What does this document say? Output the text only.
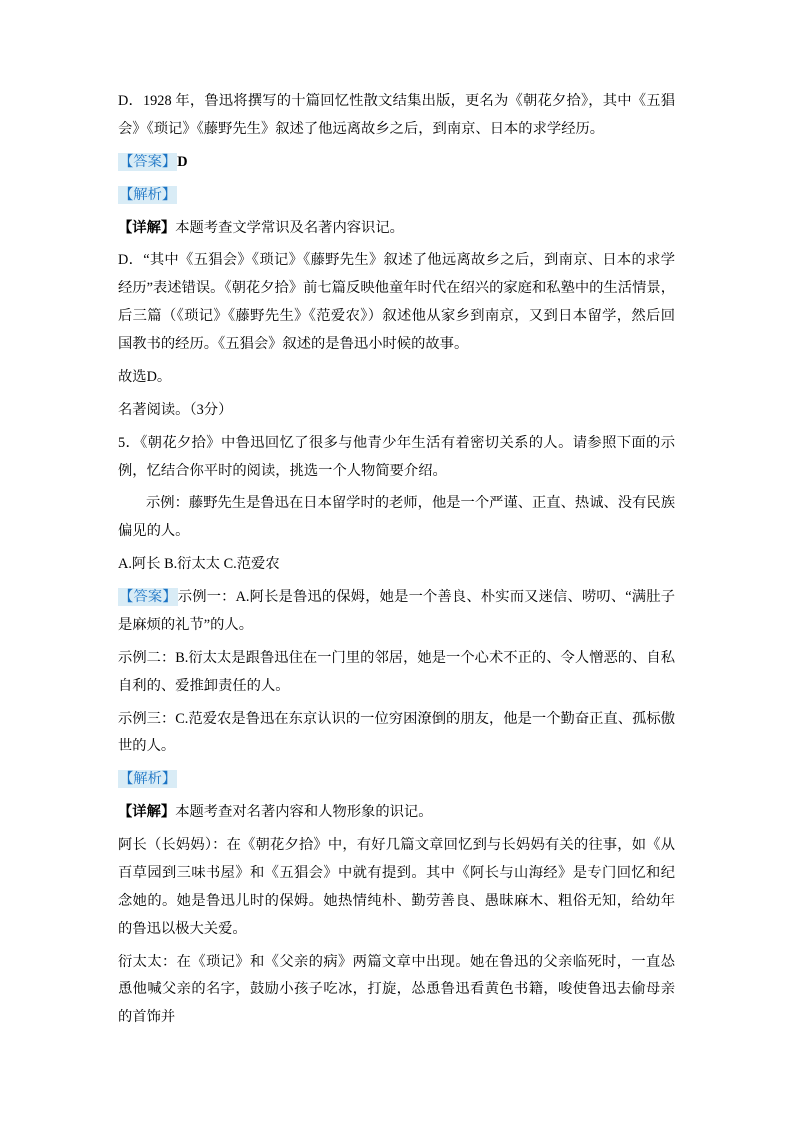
D．1928 年，鲁迅将撰写的十篇回忆性散文结集出版，更名为《朝花夕拾》，其中《五猖会》《琐记》《藤野先生》叙述了他远离故乡之后，到南京、日本的求学经历。

【答案】D

【解析】

【详解】本题考查文学常识及名著内容识记。

D．“其中《五猖会》《琐记》《藤野先生》叙述了他远离故乡之后，到南京、日本的求学经历”表述错误。《朝花夕拾》前七篇反映他童年时代在绍兴的家庭和私塾中的生活情景，后三篇（《琐记》《藤野先生》《范爱农》）叙述他从家乡到南京，又到日本留学，然后回国教书的经历。《五猖会》叙述的是鲁迅小时候的故事。

故选D。

名著阅读。（3分）

5．《朝花夕拾》中鲁迅回忆了很多与他青少年生活有着密切关系的人。请参照下面的示例，忆结合你平时的阅读，挑选一个人物简要介绍。

示例：藤野先生是鲁迅在日本留学时的老师，他是一个严谨、正直、热诚、没有民族偏见的人。

A.阿长 B.衍太太 C.范爱农

【答案】示例一：A.阿长是鲁迅的保姆，她是一个善良、朴实而又迷信、唠叨、“满肚子是麻烦的礼节”的人。

示例二：B.衍太太是跟鲁迅住在一门里的邻居，她是一个心术不正的、令人憎恶的、自私自利的、爱推卸责任的人。

示例三：C.范爱农是鲁迅在东京认识的一位穷困潦倒的朋友，他是一个勤奋正直、孤标傲世的人。

【解析】

【详解】本题考查对名著内容和人物形象的识记。

阿长（长妈妈）：在《朝花夕拾》中，有好几篇文章回忆到与长妈妈有关的往事，如《从百草园到三味书屋》和《五猖会》中就有提到。其中《阿长与山海经》是专门回忆和纪念她的。她是鲁迅儿时的保姆。她热情纯朴、勤劳善良、愚昧麻木、粗俗无知，给幼年的鲁迅以极大关爱。

衍太太：在《琐记》和《父亲的病》两篇文章中出现。她在鲁迅的父亲临死时，一直怂恿他喊父亲的名字，鼓励小孩子吃冰，打旋，怂恿鲁迅看黄色书籍，唆使鲁迅去偷母亲的首饰并
